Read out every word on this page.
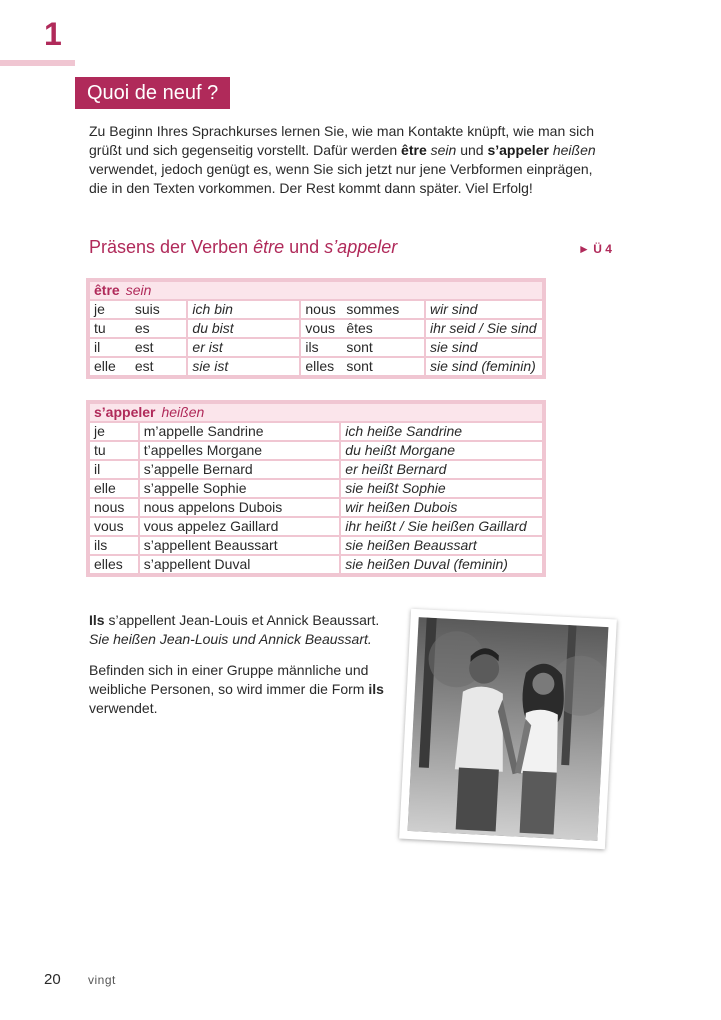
1
Quoi de neuf ?
Zu Beginn Ihres Sprachkurses lernen Sie, wie man Kontakte knüpft, wie man sich grüßt und sich gegenseitig vorstellt. Dafür werden être sein und s’appeler heißen verwendet, jedoch genügt es, wenn Sie sich jetzt nur jene Verbformen einprägen, die in den Texten vorkommen. Der Rest kommt dann später. Viel Erfolg!
Präsens der Verben être und s’appeler	► Ü 4
être sein					
je	suis	ich bin	nous	sommes	wir sind
tu	es	du bist	vous	êtes	ihr seid / Sie sind
il	est	er ist	ils	sont	sie sind
elle	est	sie ist	elles	sont	sie sind (feminin)
s’appeler heißen		
je	m’appelle Sandrine	ich heiße Sandrine
tu	t’appelles Morgane	du heißt Morgane
il	s’appelle Bernard	er heißt Bernard
elle	s’appelle Sophie	sie heißt Sophie
nous	nous appelons Dubois	wir heißen Dubois
vous	vous appelez Gaillard	ihr heißt / Sie heißen Gaillard
ils	s’appellent Beaussart	sie heißen Beaussart
elles	s’appellent Duval	sie heißen Duval (feminin)

Ils s’appellent Jean-Louis et Annick Beaussart.
Sie heißen Jean-Louis und Annick Beaussart.

Befinden sich in einer Gruppe männliche und weibliche Personen, so wird immer die Form ils verwendet.

20 vingt
